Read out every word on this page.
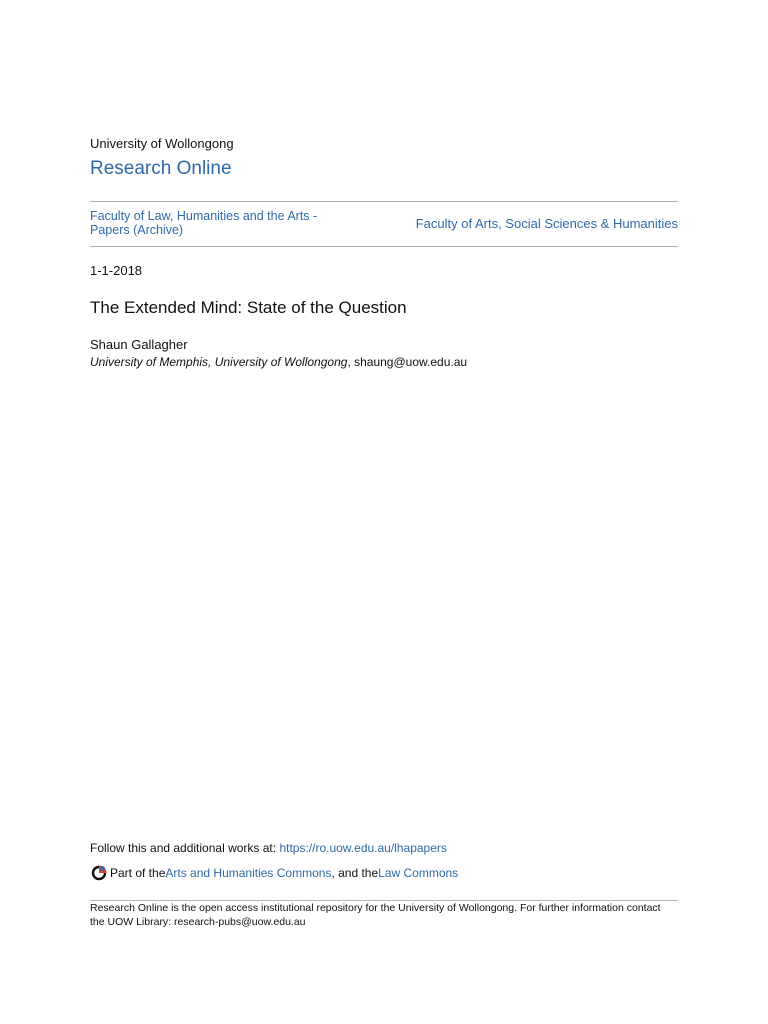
University of Wollongong
Research Online
Faculty of Law, Humanities and the Arts - Papers (Archive)	Faculty of Arts, Social Sciences & Humanities
1-1-2018
The Extended Mind: State of the Question
Shaun Gallagher
University of Memphis, University of Wollongong, shaung@uow.edu.au
Follow this and additional works at: https://ro.uow.edu.au/lhapapers
Part of the Arts and Humanities Commons , and the Law Commons
Research Online is the open access institutional repository for the University of Wollongong. For further information contact the UOW Library: research-pubs@uow.edu.au
